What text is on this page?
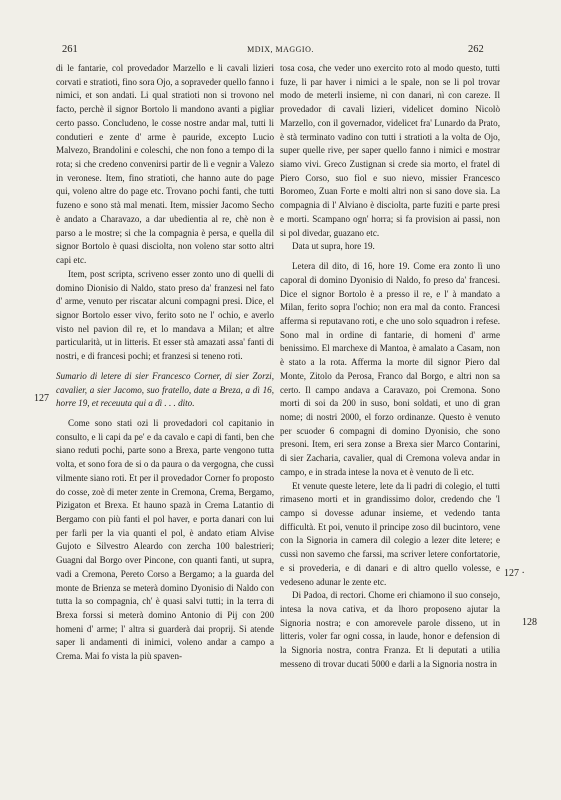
261	MDIX, MAGGIO.	262

di le fantarie, col provedador Marzello e li cavali lizieri corvati e stratioti, fino sora Ojo, a sopraveder quello fanno i nimici, et son andati. Li qual stratioti non si trovono nel facto, perchè il signor Bortolo li mandono avanti a pigliar certo passo. Concludeno, le cosse nostre andar mal, tutti li condutieri e zente d' arme è pauride, excepto Lucio Malvezo, Brandolini e coleschi, che non fono a tempo di la rota; si che credeno convenirsi partir de lì e vegnir a Valezo in veronese. Item, fino stratioti, che hanno aute do page qui, voleno altre do page etc. Trovano pochi fanti, che tutti fuzeno e sono stà mal menati. Item, missier Jacomo Secho è andato a Charavazo, a dar ubedientia al re, chè non è parso a le mostre; si che la compagnia è persa, e quella dil signor Bortolo è quasi disciolta, non voleno star sotto altri capi etc.

Item, post scripta, scriveno esser zonto uno di quelli di domino Dionisio di Naldo, stato preso da' franzesi nel fato d' arme, venuto per riscatar alcuni compagni presi. Dice, el signor Bortolo esser vivo, ferito soto ne l' ochio, e averlo visto nel pavion dil re, et lo mandava a Milan; et altre particularità, ut in litteris. Et esser stà amazati assa' fanti di nostri, e di francesi pochi; et franzesi si teneno roti.

Sumario di letere di sier Francesco Corner, di sier Zorzi, cavalier, a sier Jacomo, suo fratello, date a Breza, a dì 16, horre 19, et receuuta qui a dì . . . dito.

Come sono stati ozi li provedadori col capitanio in consulto, e li capi da pe' e da cavalo e capi di fanti, ben che siano reduti pochi, parte sono a Brexa, parte vengono tutta volta, et sono fora de si o da paura o da vergogna, che cussì vilmente siano roti. Et per il provedador Corner fo proposto do cosse, zoè di meter zente in Cremona, Crema, Bergamo, Pizigaton et Brexa. Et hauno spazà in Crema Latantio di Bergamo con più fanti el pol haver, e porta danari con lui per farli per la via quanti el pol, è andato etiam Alvise Gujoto e Silvestro Aleardo con zercha 100 balestrieri; Guagni dal Borgo over Pincone, con quanti fanti, ut supra, vadi a Cremona, Pereto Corso a Bergamo; a la guarda del monte de Brienza se meterà domino Dyonisio di Naldo con tutta la so compagnia, ch' è quasi salvi tutti; in la terra di Brexa forssi si meterà domino Antonio di Pij con 200 homeni d' arme; l' altra si guarderà dai proprij. Si atende saper li andamenti di inimici, voleno andar a campo a Crema. Mai fo vista la più spaven-

tosa cosa, che veder uno exercito roto al modo questo, tutti fuze, li par haver i nimici a le spale, non se li pol trovar modo de meterli insieme, nì con danari, nì con careze. Il provedador di cavali lizieri, videlicet domino Nicolò Marzello, con il governador, videlicet fra' Lunardo da Prato, è stà terminato vadino con tutti i stratioti a la volta de Ojo, super quelle rive, per saper quello fanno i nimici e mostrar siamo vivi. Greco Zustignan si crede sia morto, el fratel di Piero Corso, suo fiol e suo nievo, missier Francesco Boromeo, Zuan Forte e molti altri non si sano dove sia. La compagnia di l' Alviano è disciolta, parte fuziti e parte presi e morti. Scampano ogn' horra; si fa provision ai passi, non si pol divedar, guazano etc.

Data ut supra, hore 19.

Letera dil dito, di 16, hore 19. Come era zonto lì uno caporal di domino Dyonisio di Naldo, fo preso da' francesi. Dice el signor Bortolo è a presso il re, e l' à mandato a Milan, ferito sopra l'ochio; non era mal da conto. Francesi afferma si reputavano roti, e che uno solo squadron i refese. Sono mal in ordine di fantarie, di homeni d' arme benissimo. El marchexe di Mantoa, è amalato a Casam, non è stato a la rota. Afferma la morte dil signor Piero dal Monte, Zitolo da Perosa, Franco dal Borgo, e altri non sa certo. Il campo andava a Caravazo, poi Cremona. Sono morti di soi da 200 in suso, boni soldati, et uno di gran nome; di nostri 2000, el forzo ordinanze. Questo è venuto per scuoder 6 compagni di domino Dyonisio, che sono presoni. Item, eri sera zonse a Brexa sier Marco Contarini, di sier Zacharia, cavalier, qual di Cremona voleva andar in campo, e in strada intese la nova et è venuto de lì etc.

Et venute queste letere, lete da li padri di colegio, el tutti rimaseno morti et in grandissimo dolor, credendo che 'l campo si dovesse adunar insieme, et vedendo tanta difficultà. Et poi, venuto il principe zoso dil bucintoro, vene con la Signoria in camera dil colegio a lezer dite letere; e cussì non savemo che farssi, ma scriver letere confortatorie, e si provederia, e di danari e di altro quello volesse, e vedeseno adunar le zente etc.

Di Padoa, di rectori. Chome eri chiamono il suo consejo, intesa la nova cativa, et da lhoro proposeno ajutar la Signoria nostra; e con amorevele parole disseno, ut in litteris, voler far ogni cossa, in laude, honor e defension di la Signoria nostra, contra Franza. Et li deputati a utilia messeno di trovar ducati 5000 e darli a la Signoria nostra in

127
127 ·
128
